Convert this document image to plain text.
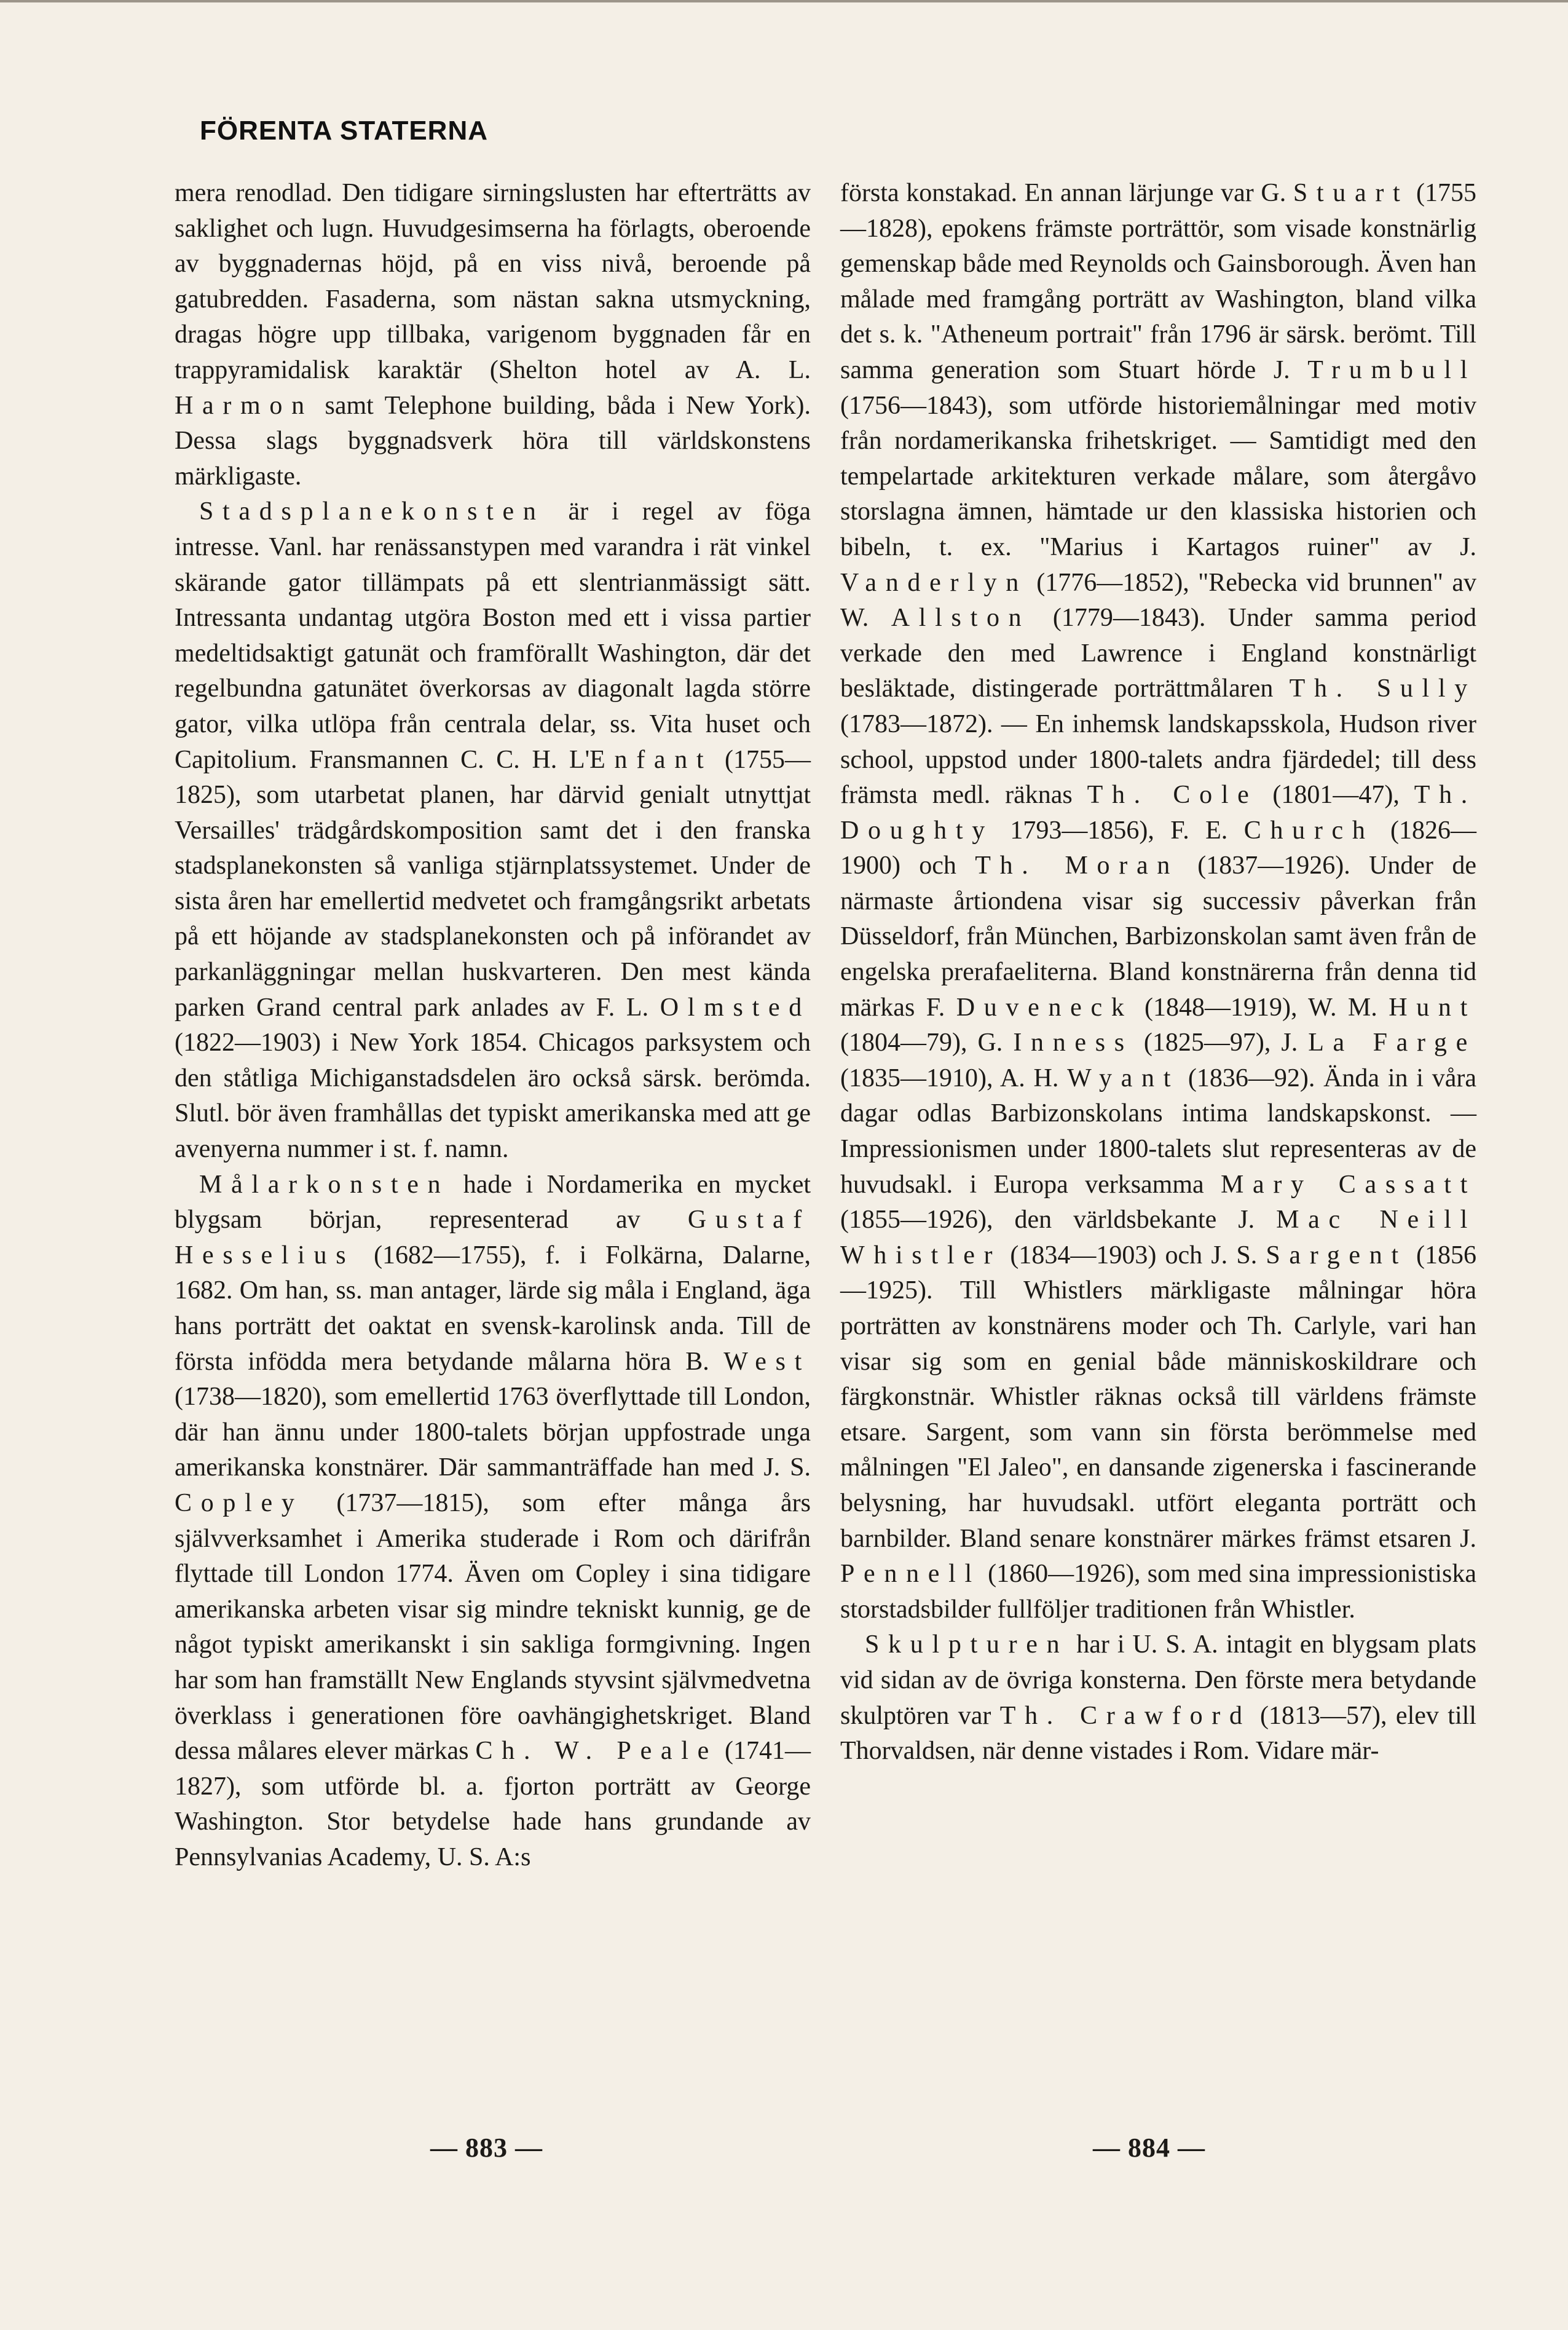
FÖRENTA STATERNA

mera renodlad. Den tidigare sirningslusten har efterträtts av saklighet och lugn. Huvudgesimserna ha förlagts, oberoende av byggnadernas höjd, på en viss nivå, beroende på gatubredden. Fasaderna, som nästan sakna utsmyckning, dragas högre upp tillbaka, varigenom byggnaden får en trappyramidalisk karaktär (Shelton hotel av A. L. Harmon samt Telephone building, båda i New York). Dessa slags byggnadsverk höra till världskonstens märkligaste.

Stadsplanekonsten är i regel av föga intresse. Vanl. har renässanstypen med varandra i rät vinkel skärande gator tillämpats på ett slentrianmässigt sätt. Intressanta undantag utgöra Boston med ett i vissa partier medeltidsaktigt gatunät och framförallt Washington, där det regelbundna gatunätet överkorsas av diagonalt lagda större gator, vilka utlöpa från centrala delar, ss. Vita huset och Capitolium. Fransmannen C. C. H. L'Enfant (1755—1825), som utarbetat planen, har därvid genialt utnyttjat Versailles' trädgårdskomposition samt det i den franska stadsplanekonsten så vanliga stjärnplatssystemet. Under de sista åren har emellertid medvetet och framgångsrikt arbetats på ett höjande av stadsplanekonsten och på införandet av parkanläggningar mellan huskvarteren. Den mest kända parken Grand central park anlades av F. L. Olmsted (1822—1903) i New York 1854. Chicagos parksystem och den ståtliga Michiganstadsdelen äro också särsk. berömda. Slutl. bör även framhållas det typiskt amerikanska med att ge avenyerna nummer i st. f. namn.

Målarkonsten hade i Nordamerika en mycket blygsam början, representerad av Gustaf Hesselius (1682—1755), f. i Folkärna, Dalarne, 1682. Om han, ss. man antager, lärde sig måla i England, äga hans porträtt det oaktat en svensk-karolinsk anda. Till de första infödda mera betydande målarna höra B. West (1738—1820), som emellertid 1763 överflyttade till London, där han ännu under 1800-talets början uppfostrade unga amerikanska konstnärer. Där sammanträffade han med J. S. Copley (1737—1815), som efter många års självverksamhet i Amerika studerade i Rom och därifrån flyttade till London 1774. Även om Copley i sina tidigare amerikanska arbeten visar sig mindre tekniskt kunnig, ge de något typiskt amerikanskt i sin sakliga formgivning. Ingen har som han framställt New Englands styvsint självmedvetna överklass i generationen före oavhängighetskriget. Bland dessa målares elever märkas Ch. W. Peale (1741—1827), som utförde bl. a. fjorton porträtt av George Washington. Stor betydelse hade hans grundande av Pennsylvanias Academy, U. S. A:s

första konstakad. En annan lärjunge var G. Stuart (1755—1828), epokens främste porträttör, som visade konstnärlig gemenskap både med Reynolds och Gainsborough. Även han målade med framgång porträtt av Washington, bland vilka det s. k. "Atheneum portrait" från 1796 är särsk. berömt. Till samma generation som Stuart hörde J. Trumbull (1756—1843), som utförde historiemålningar med motiv från nordamerikanska frihetskriget. — Samtidigt med den tempelartade arkitekturen verkade målare, som återgåvo storslagna ämnen, hämtade ur den klassiska historien och bibeln, t. ex. "Marius i Kartagos ruiner" av J. Vanderlyn (1776—1852), "Rebecka vid brunnen" av W. Allston (1779—1843). Under samma period verkade den med Lawrence i England konstnärligt besläktade, distingerade porträttmålaren Th. Sully (1783—1872). — En inhemsk landskapsskola, Hudson river school, uppstod under 1800-talets andra fjärdedel; till dess främsta medl. räknas Th. Cole (1801—47), Th. Doughty 1793—1856), F. E. Church (1826—1900) och Th. Moran (1837—1926). Under de närmaste årtiondena visar sig successiv påverkan från Düsseldorf, från München, Barbizonskolan samt även från de engelska prerafaeliterna. Bland konstnärerna från denna tid märkas F. Duveneck (1848—1919), W. M. Hunt (1804—79), G. Inness (1825—97), J. La Farge (1835—1910), A. H. Wyant (1836—92). Ända in i våra dagar odlas Barbizonskolans intima landskapskonst. — Impressionismen under 1800-talets slut representeras av de huvudsakl. i Europa verksamma Mary Cassatt (1855—1926), den världsbekante J. Mac Neill Whistler (1834—1903) och J. S. Sargent (1856—1925). Till Whistlers märkligaste målningar höra porträtten av konstnärens moder och Th. Carlyle, vari han visar sig som en genial både människoskildrare och färgkonstnär. Whistler räknas också till världens främste etsare. Sargent, som vann sin första berömmelse med målningen "El Jaleo", en dansande zigenerska i fascinerande belysning, har huvudsakl. utfört eleganta porträtt och barnbilder. Bland senare konstnärer märkes främst etsaren J. Pennell (1860—1926), som med sina impressionistiska storstadsbilder fullföljer traditionen från Whistler.

Skulpturen har i U. S. A. intagit en blygsam plats vid sidan av de övriga konsterna. Den förste mera betydande skulptören var Th. Crawford (1813—57), elev till Thorvaldsen, när denne vistades i Rom. Vidare mär-

— 883 —	— 884 —
